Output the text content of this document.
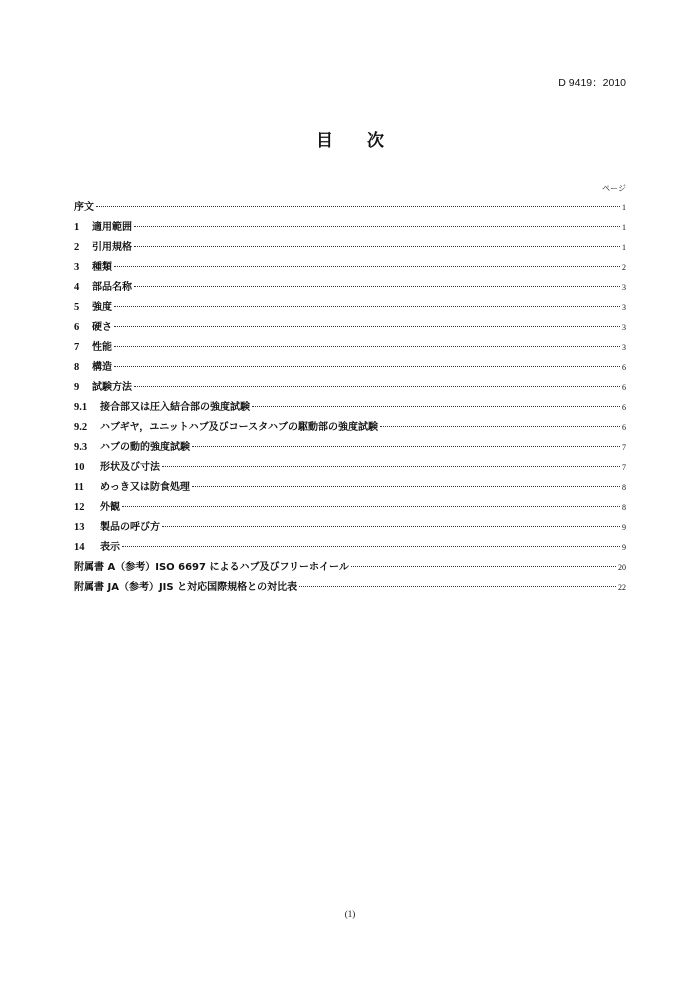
D 9419：2010
目 次
ページ
序文	1
1	適用範囲	1
2	引用規格	1
3	種類	2
4	部品名称	3
5	強度	3
6	硬さ	3
7	性能	3
8	構造	6
9	試験方法	6
9.1	接合部又は圧入結合部の強度試験	6
9.2	ハブギヤ，ユニットハブ及びコースタハブの駆動部の強度試験	6
9.3	ハブの動的強度試験	7
10	形状及び寸法	7
11	めっき又は防食処理	8
12	外観	8
13	製品の呼び方	9
14	表示	9
附属書 A（参考）ISO 6697 によるハブ及びフリーホイール	20
附属書 JA（参考）JIS と対応国際規格との対比表	22
(1)
